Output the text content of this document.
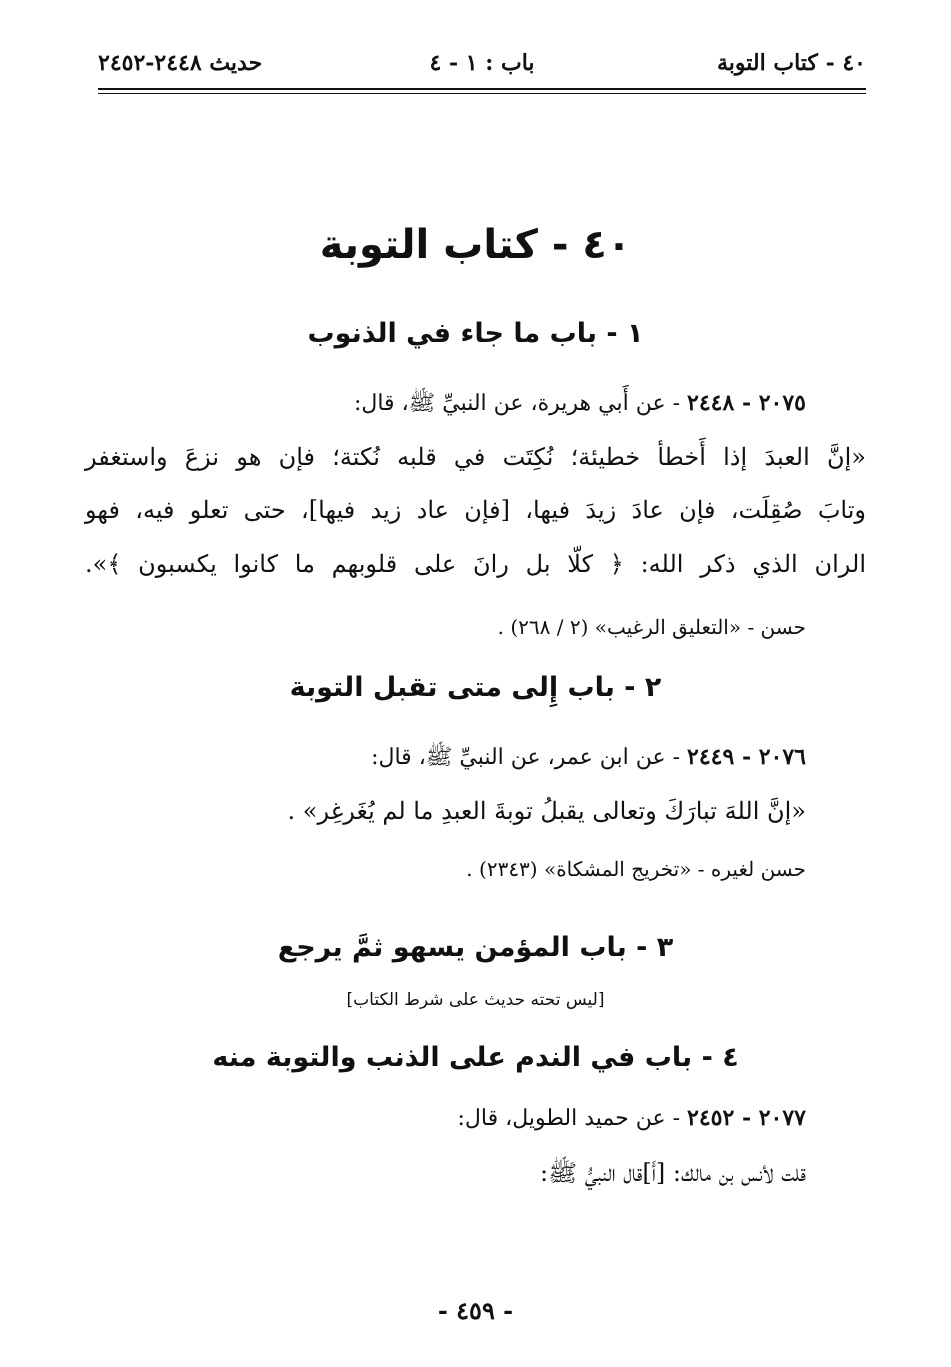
٤٠ - كتاب التوبة
باب : ١ - ٤
حديث ٢٤٤٨-٢٤٥٢
٤٠ - كتاب التوبة
١ - باب ما جاء في الذنوب
٢٠٧٥ - ٢٤٤٨ - عن أَبي هريرة، عن النبيِّ ﷺ، قال:
«إنَّ العبدَ إذا أَخطأ خطيئة؛ نُكِتَت في قلبه نُكتة؛ فإن هو نزعَ واستغفر
وتابَ صُقِلَت، فإن عادَ زيدَ فيها، [فإن عاد زيد فيها]، حتى تعلو فيه، فهو
الران الذي ذكر الله: ﴿ كلّا بل رانَ على قلوبهم ما كانوا يكسبون ﴾».
حسن - «التعليق الرغيب» (٢ / ٢٦٨) .
٢ - باب إِلى متى تقبل التوبة
٢٠٧٦ - ٢٤٤٩ - عن ابن عمر، عن النبيِّ ﷺ، قال:
«إنَّ اللهَ تبارَكَ وتعالى يقبلُ توبةَ العبدِ ما لم يُغَرغِر» .
حسن لغيره - «تخريج المشكاة» (٢٣٤٣) .
٣ - باب المؤمن يسهو ثمَّ يرجع
[ليس تحته حديث على شرط الكتاب]
٤ - باب في الندم على الذنب والتوبة منه
٢٠٧٧ - ٢٤٥٢ - عن حميد الطويل، قال:
قلت لأنس بن مالك: [أَ]قال النبيُّ ﷺ:
- ٤٥٩ -
